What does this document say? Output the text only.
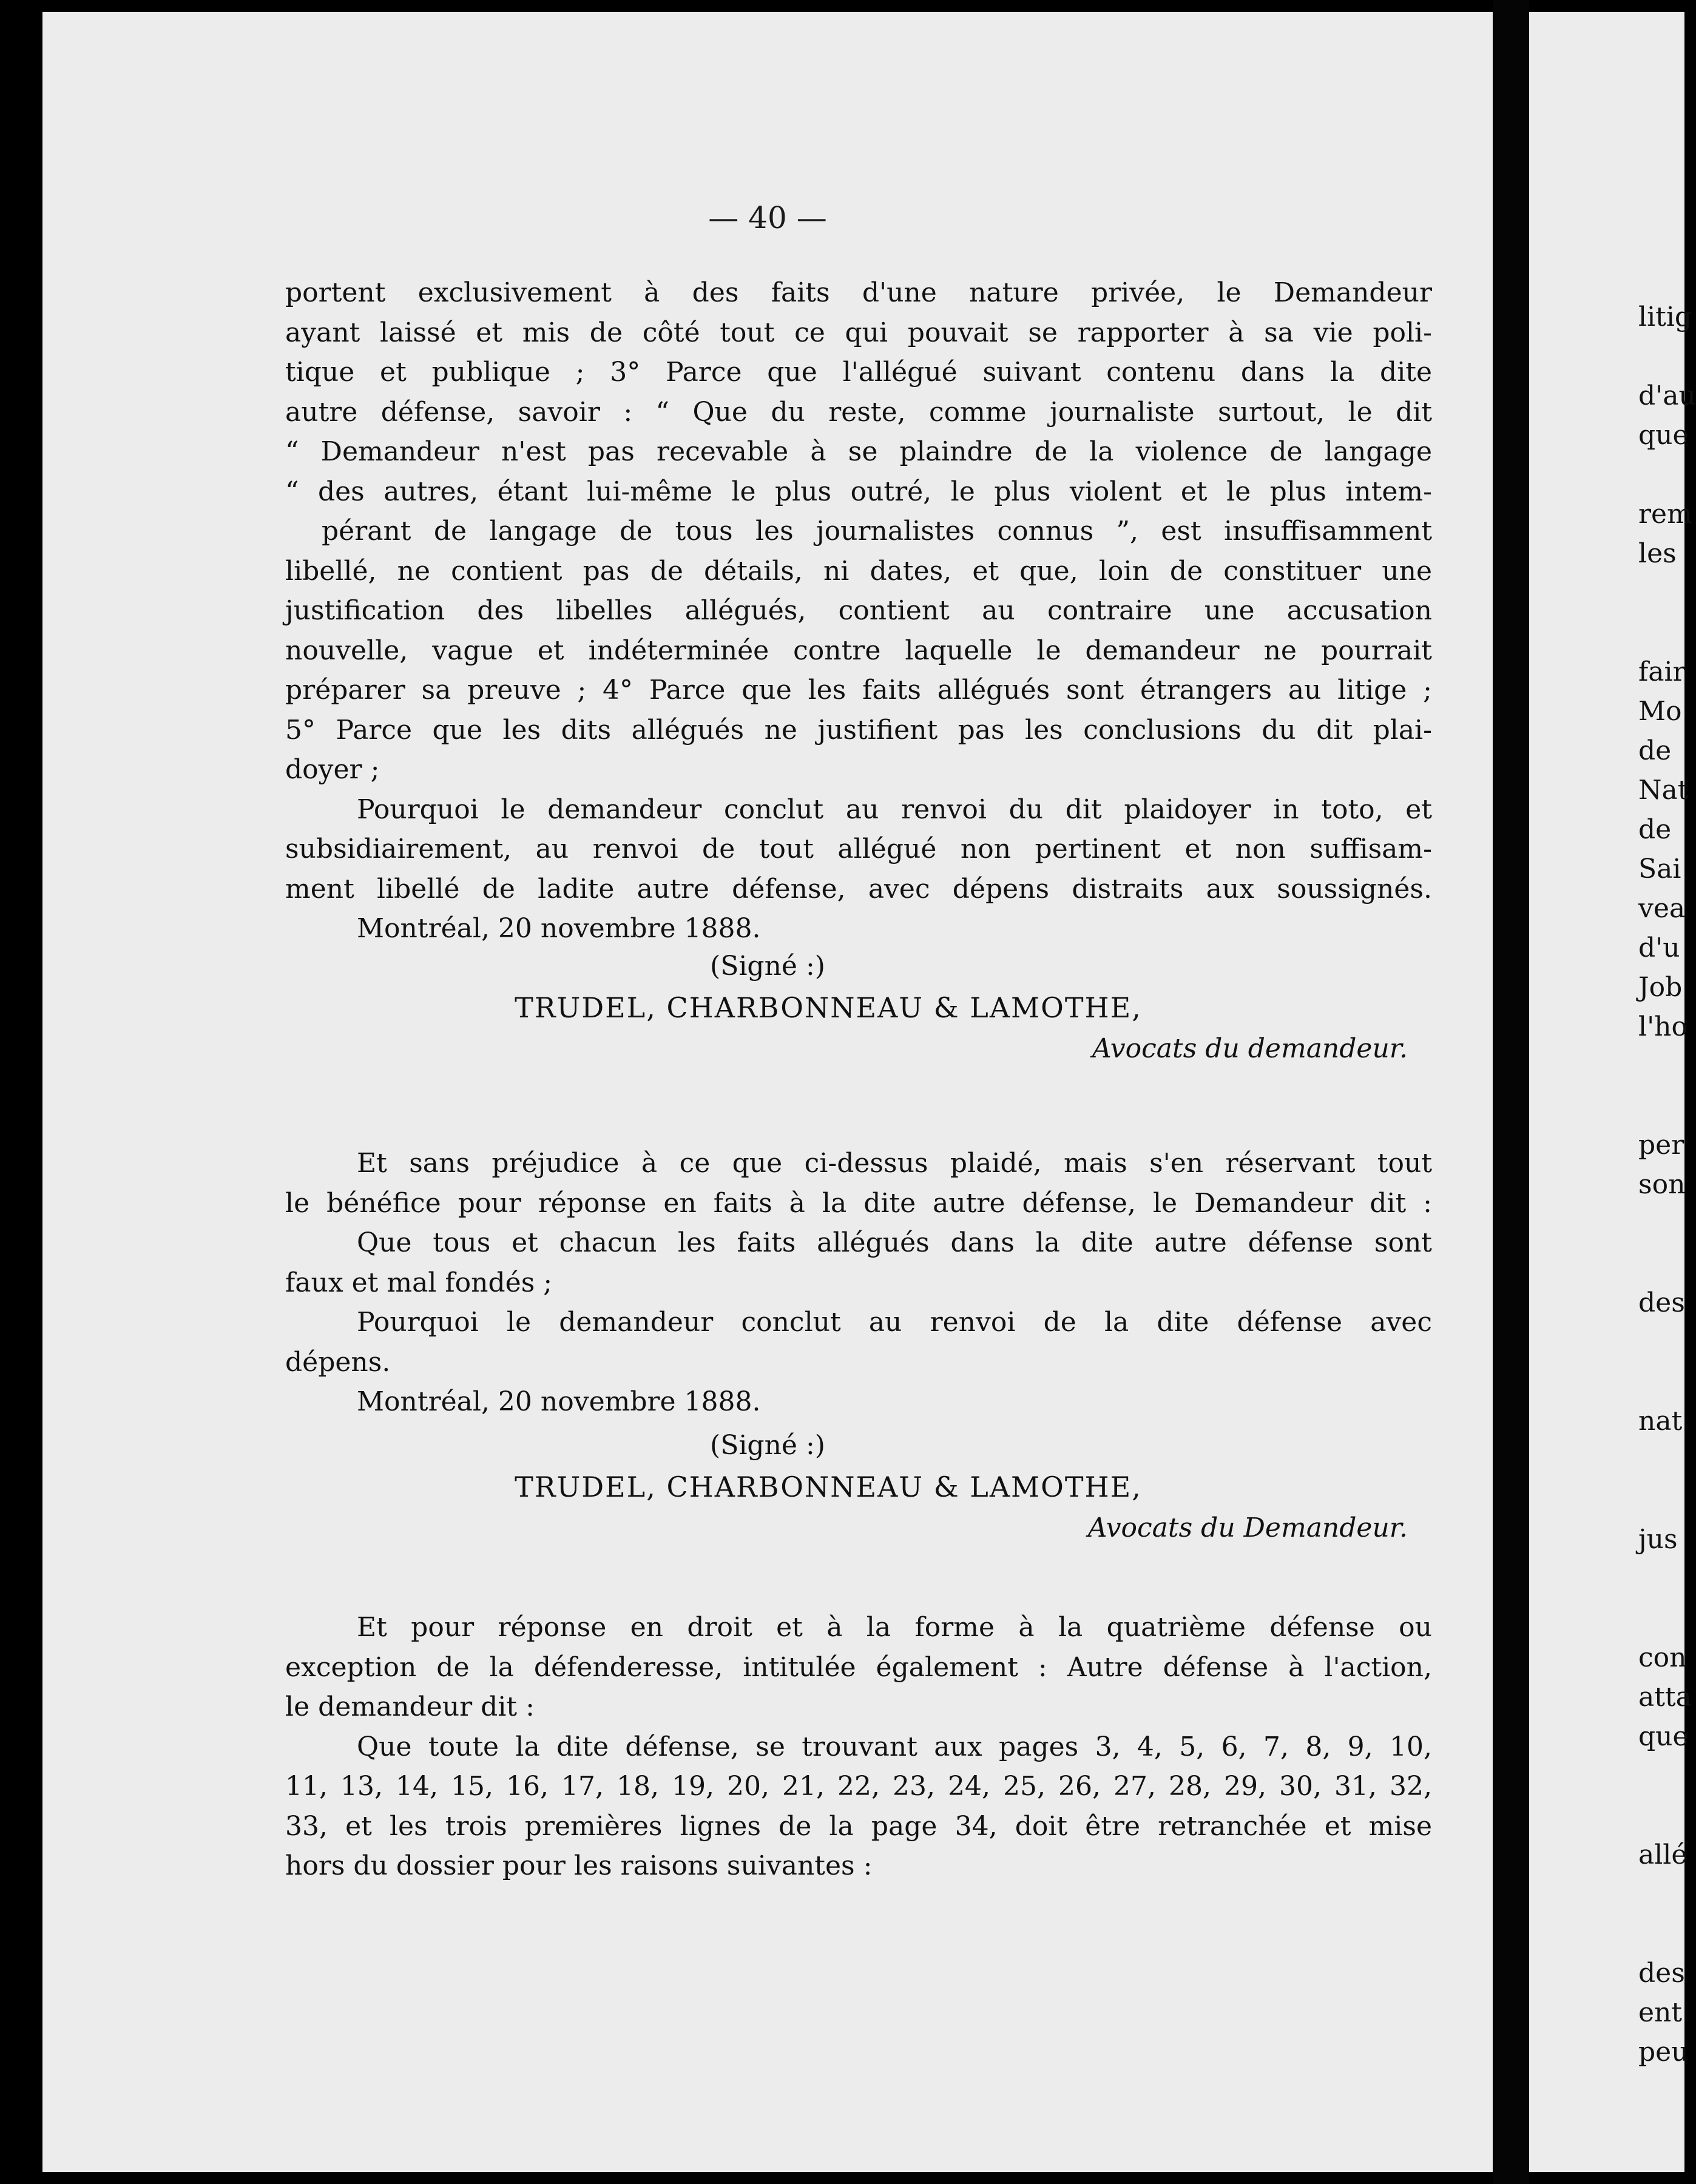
— 40 —
portent exclusivement à des faits d'une nature privée, le Demandeur
ayant laissé et mis de côté tout ce qui pouvait se rapporter à sa vie poli-
tique et publique ; 3° Parce que l'allégué suivant contenu dans la dite
autre défense, savoir : “ Que du reste, comme journaliste surtout, le dit
“ Demandeur n'est pas recevable à se plaindre de la violence de langage
“ des autres, étant lui-même le plus outré, le plus violent et le plus intem-
pérant de langage de tous les journalistes connus ”, est insuffisamment
libellé, ne contient pas de détails, ni dates, et que, loin de constituer une
justification des libelles allégués, contient au contraire une accusation
nouvelle, vague et indéterminée contre laquelle le demandeur ne pourrait
préparer sa preuve ; 4° Parce que les faits allégués sont étrangers au litige ;
5° Parce que les dits allégués ne justifient pas les conclusions du dit plai-
doyer ;
Pourquoi le demandeur conclut au renvoi du dit plaidoyer in toto, et
subsidiairement, au renvoi de tout allégué non pertinent et non suffisam-
ment libellé de ladite autre défense, avec dépens distraits aux soussignés.
Montréal, 20 novembre 1888.
(Signé :)
TRUDEL, CHARBONNEAU & LAMOTHE,
Avocats du demandeur.
Et sans préjudice à ce que ci-dessus plaidé, mais s'en réservant tout
le bénéfice pour réponse en faits à la dite autre défense, le Demandeur dit :
Que tous et chacun les faits allégués dans la dite autre défense sont
faux et mal fondés ;
Pourquoi le demandeur conclut au renvoi de la dite défense avec
dépens.
Montréal, 20 novembre 1888.
(Signé :)
TRUDEL, CHARBONNEAU & LAMOTHE,
Avocats du Demandeur.
Et pour réponse en droit et à la forme à la quatrième défense ou
exception de la défenderesse, intitulée également : Autre défense à l'action,
le demandeur dit :
Que toute la dite défense, se trouvant aux pages 3, 4, 5, 6, 7, 8, 9, 10,
11, 13, 14, 15, 16, 17, 18, 19, 20, 21, 22, 23, 24, 25, 26, 27, 28, 29, 30, 31, 32,
33, et les trois premières lignes de la page 34, doit être retranchée et mise
hors du dossier pour les raisons suivantes :
litig
d'au
que
rem
les
fair
Mo
de
Nat
de
Sai
vea
d'u
Job
l'ho
per
son
des
nat
jus
con
atta
que
allé
des
ent
peu
